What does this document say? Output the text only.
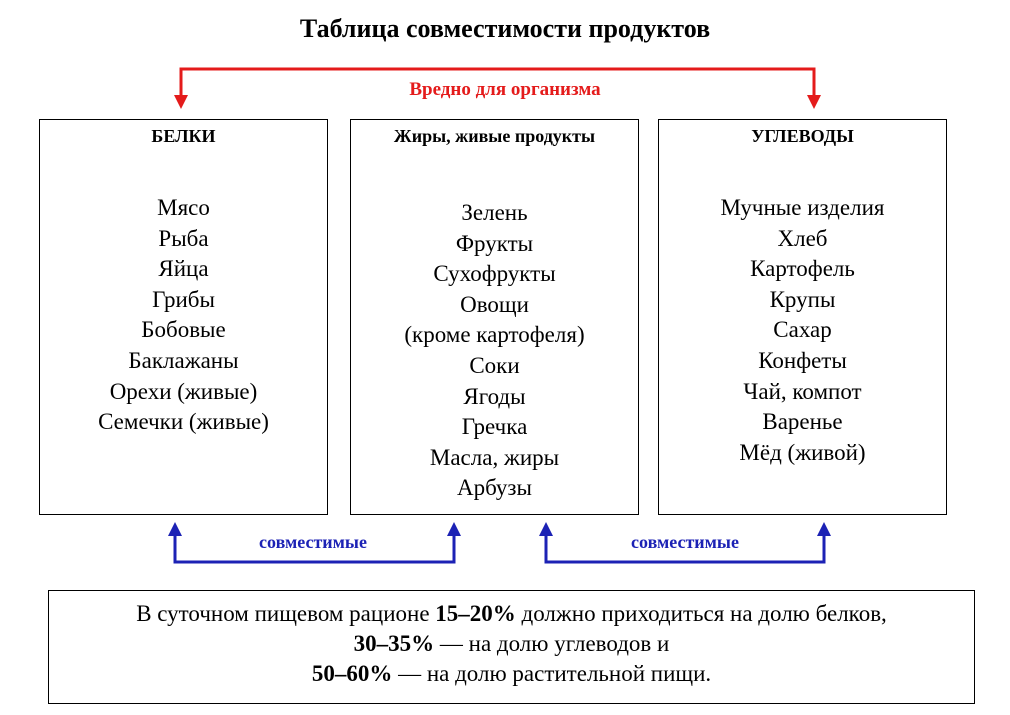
Таблица совместимости продуктов
Вредно для организма
БЕЛКИ
Мясо
Рыба
Яйца
Грибы
Бобовые
Баклажаны
Орехи (живые)
Семечки (живые)
Жиры, живые продукты
Зелень
Фрукты
Сухофрукты
Овощи
(кроме картофеля)
Соки
Ягоды
Гречка
Масла, жиры
Арбузы
УГЛЕВОДЫ
Мучные изделия
Хлеб
Картофель
Крупы
Сахар
Конфеты
Чай, компот
Варенье
Мёд (живой)
совместимые	совместимые

В суточном пищевом рационе 15–20% должно приходиться на долю белков,

30–35% — на долю углеводов и

50–60% — на долю растительной пищи.
